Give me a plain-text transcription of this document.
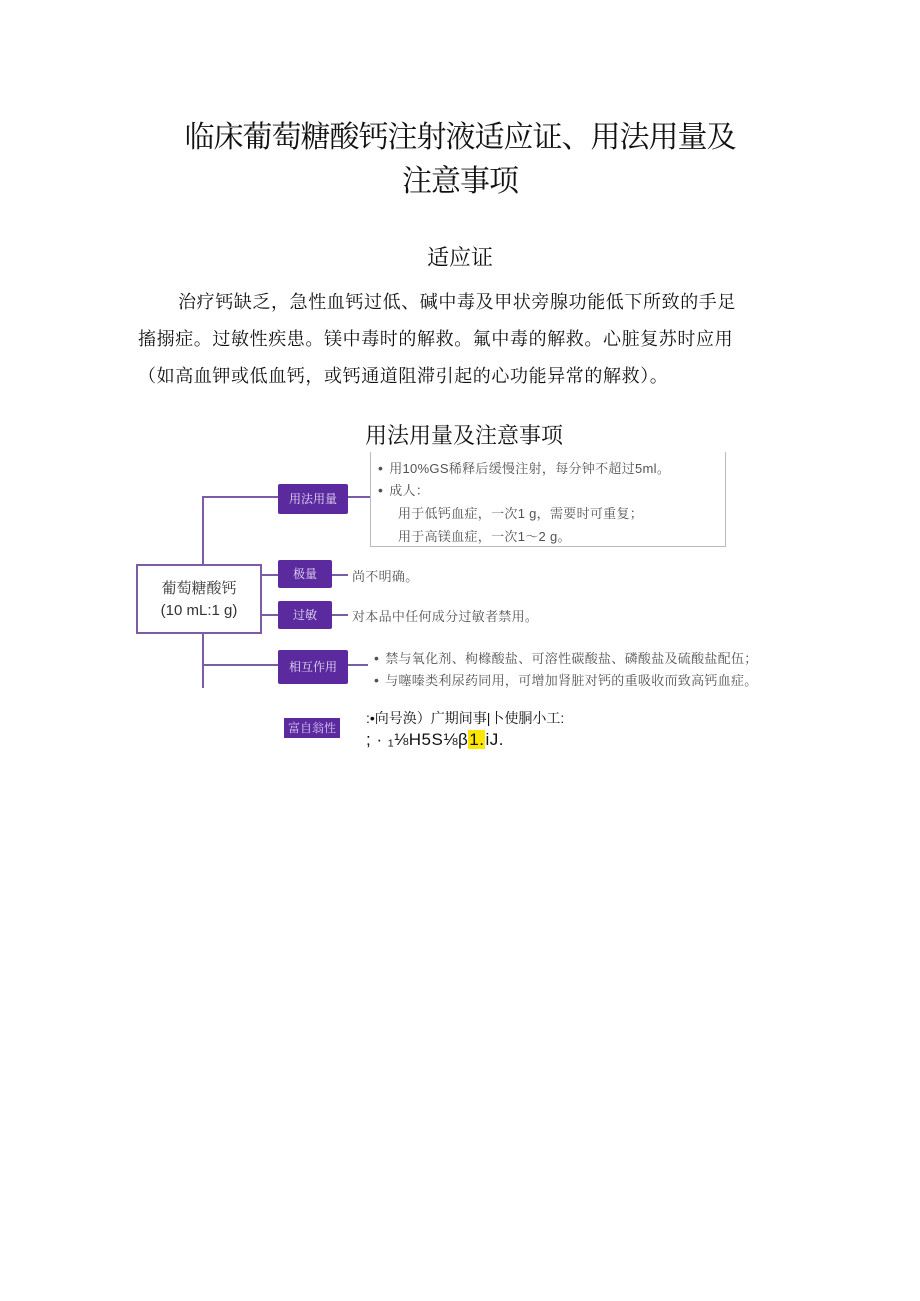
临床葡萄糖酸钙注射液适应证、用法用量及
注意事项
适应证
治疗钙缺乏，急性血钙过低、碱中毒及甲状旁腺功能低下所致的手足
搐搦症。过敏性疾患。镁中毒时的解救。氟中毒的解救。心脏复苏时应用
（如高血钾或低血钙，或钙通道阻滞引起的心功能异常的解救）。
用法用量及注意事项
葡萄糖酸钙
(10 mL:1 g)
用法用量
极量
过敏
相互作用
• 用10%GS稀释后缓慢注射，每分钟不超过5ml。
• 成人：
用于低钙血症，一次1 g，需要时可重复；
用于高镁血症，一次1～2 g。
尚不明确。
对本品中任何成分过敏者禁用。
• 禁与氧化剂、枸橼酸盐、可溶性碳酸盐、磷酸盐及硫酸盐配伍；
• 与噻嗪类利尿药同用，可增加肾脏对钙的重吸收而致高钙血症。
富自翁性
:•向号涣）广期间事|卜使胴小工:
; · ₁⅛H5S⅛β1.iJ.
